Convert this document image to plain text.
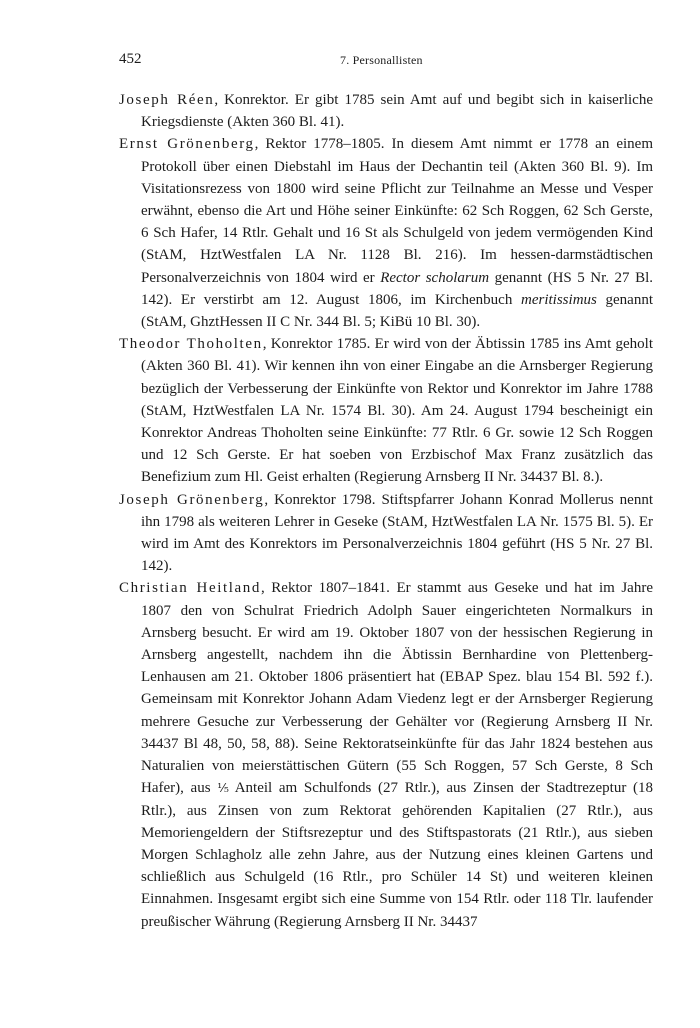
452	7. Personallisten

Joseph Réen, Konrektor. Er gibt 1785 sein Amt auf und begibt sich in kaiserliche Kriegsdienste (Akten 360 Bl. 41).

Ernst Grönenberg, Rektor 1778–1805. In diesem Amt nimmt er 1778 an einem Protokoll über einen Diebstahl im Haus der Dechantin teil (Akten 360 Bl. 9). Im Visitationsrezess von 1800 wird seine Pflicht zur Teilnahme an Messe und Vesper erwähnt, ebenso die Art und Höhe seiner Einkünfte: 62 Sch Roggen, 62 Sch Gerste, 6 Sch Hafer, 14 Rtlr. Gehalt und 16 St als Schulgeld von jedem vermögenden Kind (StAM, HztWestfalen LA Nr. 1128 Bl. 216). Im hessen-darmstädtischen Personalverzeichnis von 1804 wird er Rector scholarum genannt (HS 5 Nr. 27 Bl. 142). Er verstirbt am 12. August 1806, im Kirchenbuch meritissimus genannt (StAM, GhztHessen II C Nr. 344 Bl. 5; KiBü 10 Bl. 30).

Theodor Thoholten, Konrektor 1785. Er wird von der Äbtissin 1785 ins Amt geholt (Akten 360 Bl. 41). Wir kennen ihn von einer Eingabe an die Arnsberger Regierung bezüglich der Verbesserung der Einkünfte von Rektor und Konrektor im Jahre 1788 (StAM, HztWestfalen LA Nr. 1574 Bl. 30). Am 24. August 1794 bescheinigt ein Konrektor Andreas Thoholten seine Einkünfte: 77 Rtlr. 6 Gr. sowie 12 Sch Roggen und 12 Sch Gerste. Er hat soeben von Erzbischof Max Franz zusätzlich das Benefizium zum Hl. Geist erhalten (Regierung Arnsberg II Nr. 34437 Bl. 8.).

Joseph Grönenberg, Konrektor 1798. Stiftspfarrer Johann Konrad Mollerus nennt ihn 1798 als weiteren Lehrer in Geseke (StAM, HztWestfalen LA Nr. 1575 Bl. 5). Er wird im Amt des Konrektors im Personalverzeichnis 1804 geführt (HS 5 Nr. 27 Bl. 142).

Christian Heitland, Rektor 1807–1841. Er stammt aus Geseke und hat im Jahre 1807 den von Schulrat Friedrich Adolph Sauer eingerichteten Normalkurs in Arnsberg besucht. Er wird am 19. Oktober 1807 von der hessischen Regierung in Arnsberg angestellt, nachdem ihn die Äbtissin Bernhardine von Plettenberg-Lenhausen am 21. Oktober 1806 präsentiert hat (EBAP Spez. blau 154 Bl. 592 f.). Gemeinsam mit Konrektor Johann Adam Viedenz legt er der Arnsberger Regierung mehrere Gesuche zur Verbesserung der Gehälter vor (Regierung Arnsberg II Nr. 34437 Bl 48, 50, 58, 88). Seine Rektoratseinkünfte für das Jahr 1824 bestehen aus Naturalien von meierstättischen Gütern (55 Sch Roggen, 57 Sch Gerste, 8 Sch Hafer), aus ⅕ Anteil am Schulfonds (27 Rtlr.), aus Zinsen der Stadtrezeptur (18 Rtlr.), aus Zinsen von zum Rektorat gehörenden Kapitalien (27 Rtlr.), aus Memoriengeldern der Stiftsrezeptur und des Stiftspastorats (21 Rtlr.), aus sieben Morgen Schlagholz alle zehn Jahre, aus der Nutzung eines kleinen Gartens und schließlich aus Schulgeld (16 Rtlr., pro Schüler 14 St) und weiteren kleinen Einnahmen. Insgesamt ergibt sich eine Summe von 154 Rtlr. oder 118 Tlr. laufender preußischer Währung (Regierung Arnsberg II Nr. 34437
